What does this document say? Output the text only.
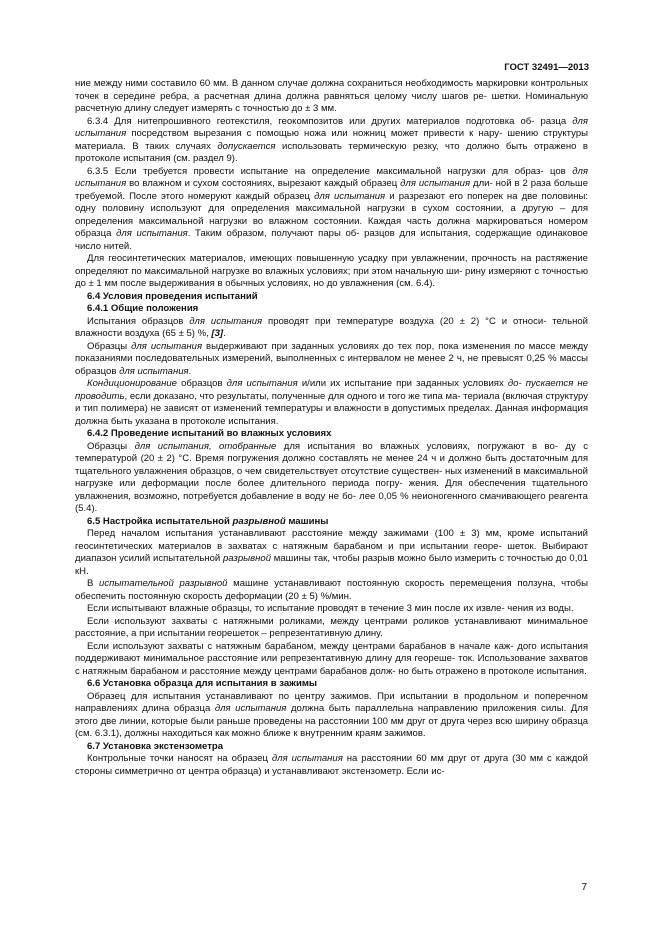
ГОСТ 32491—2013

ние между ними составило 60 мм. В данном случае должна сохраниться необходимость маркировки контрольных точек в середине ребра, а расчетная длина должна равняться целому числу шагов ре- шетки. Номинальную расчетную длину следует измерять с точностью до ± 3 мм.

6.3.4 Для нитепрошивного геотекстиля, геокомпозитов или других материалов подготовка об- разца для испытания посредством вырезания с помощью ножа или ножниц может привести к нару- шению структуры материала. В таких случаях допускается использовать термическую резку, что должно быть отражено в протоколе испытания (см. раздел 9).

6.3.5 Если требуется провести испытание на определение максимальной нагрузки для образ- цов для испытания во влажном и сухом состояниях, вырезают каждый образец для испытания дли- ной в 2 раза больше требуемой. После этого номеруют каждый образец для испытания и разрезают его поперек на две половины: одну половину используют для определения максимальной нагрузки в сухом состоянии, а другую – для определения максимальной нагрузки во влажном состоянии. Каждая часть должна маркироваться номером образца для испытания. Таким образом, получают пары об- разцов для испытания, содержащие одинаковое число нитей.

Для геосинтетических материалов, имеющих повышенную усадку при увлажнении, прочность на растяжение определяют по максимальной нагрузке во влажных условиях; при этом начальную ши- рину измеряют с точностью до ± 1 мм после выдерживания в обычных условиях, но до увлажнения (см. 6.4).

6.4 Условия проведения испытаний

6.4.1 Общие положения

Испытания образцов для испытания проводят при температуре воздуха (20 ± 2) °С и относи- тельной влажности воздуха (65 ± 5) %, [3].

Образцы для испытания выдерживают при заданных условиях до тех пор, пока изменения по массе между показаниями последовательных измерений, выполненных с интервалом не менее 2 ч, не превысят 0,25 % массы образцов для испытания.

Кондиционирование образцов для испытания и/или их испытание при заданных условиях до- пускается не проводить, если доказано, что результаты, полученные для одного и того же типа ма- териала (включая структуру и тип полимера) не зависят от изменений температуры и влажности в допустимых пределах. Данная информация должна быть указана в протоколе испытания.

6.4.2 Проведение испытаний во влажных условиях

Образцы для испытания, отобранные для испытания во влажных условиях, погружают в во- ду с температурой (20 ± 2) °С. Время погружения должно составлять не менее 24 ч и должно быть достаточным для тщательного увлажнения образцов, о чем свидетельствует отсутствие существен- ных изменений в максимальной нагрузке или деформации после более длительного периода погру- жения. Для обеспечения тщательного увлажнения, возможно, потребуется добавление в воду не бо- лее 0,05 % неионогенного смачивающего реагента (5.4).

6.5 Настройка испытательной разрывной машины

Перед началом испытания устанавливают расстояние между зажимами (100 ± 3) мм, кроме испытаний геосинтетических материалов в захватах с натяжным барабаном и при испытании георе- шеток. Выбирают диапазон усилий испытательной разрывной машины так, чтобы разрыв можно было измерить с точностью до 0,01 кН.

В испытательной разрывной машине устанавливают постоянную скорость перемещения ползуна, чтобы обеспечить постоянную скорость деформации (20 ± 5) %/мин.

Если испытывают влажные образцы, то испытание проводят в течение 3 мин после их извле- чения из воды.

Если используют захваты с натяжными роликами, между центрами роликов устанавливают минимальное расстояние, а при испытании георешеток – репрезентативную длину.

Если используют захваты с натяжным барабаном, между центрами барабанов в начале каж- дого испытания поддерживают минимальное расстояние или репрезентативную длину для геореше- ток. Использование захватов с натяжным барабаном и расстояние между центрами барабанов долж- но быть отражено в протоколе испытания.

6.6 Установка образца для испытания в зажимы

Образец для испытания устанавливают по центру зажимов. При испытании в продольном и поперечном направлениях длина образца для испытания должна быть параллельна направлению приложения силы. Для этого две линии, которые были раньше проведены на расстоянии 100 мм друг от друга через всю ширину образца (см. 6.3.1), должны находиться как можно ближе к внутренним краям зажимов.

6.7 Установка экстензометра

Контрольные точки наносят на образец для испытания на расстоянии 60 мм друг от друга (30 мм с каждой стороны симметрично от центра образца) и устанавливают экстензометр. Если ис-

7
